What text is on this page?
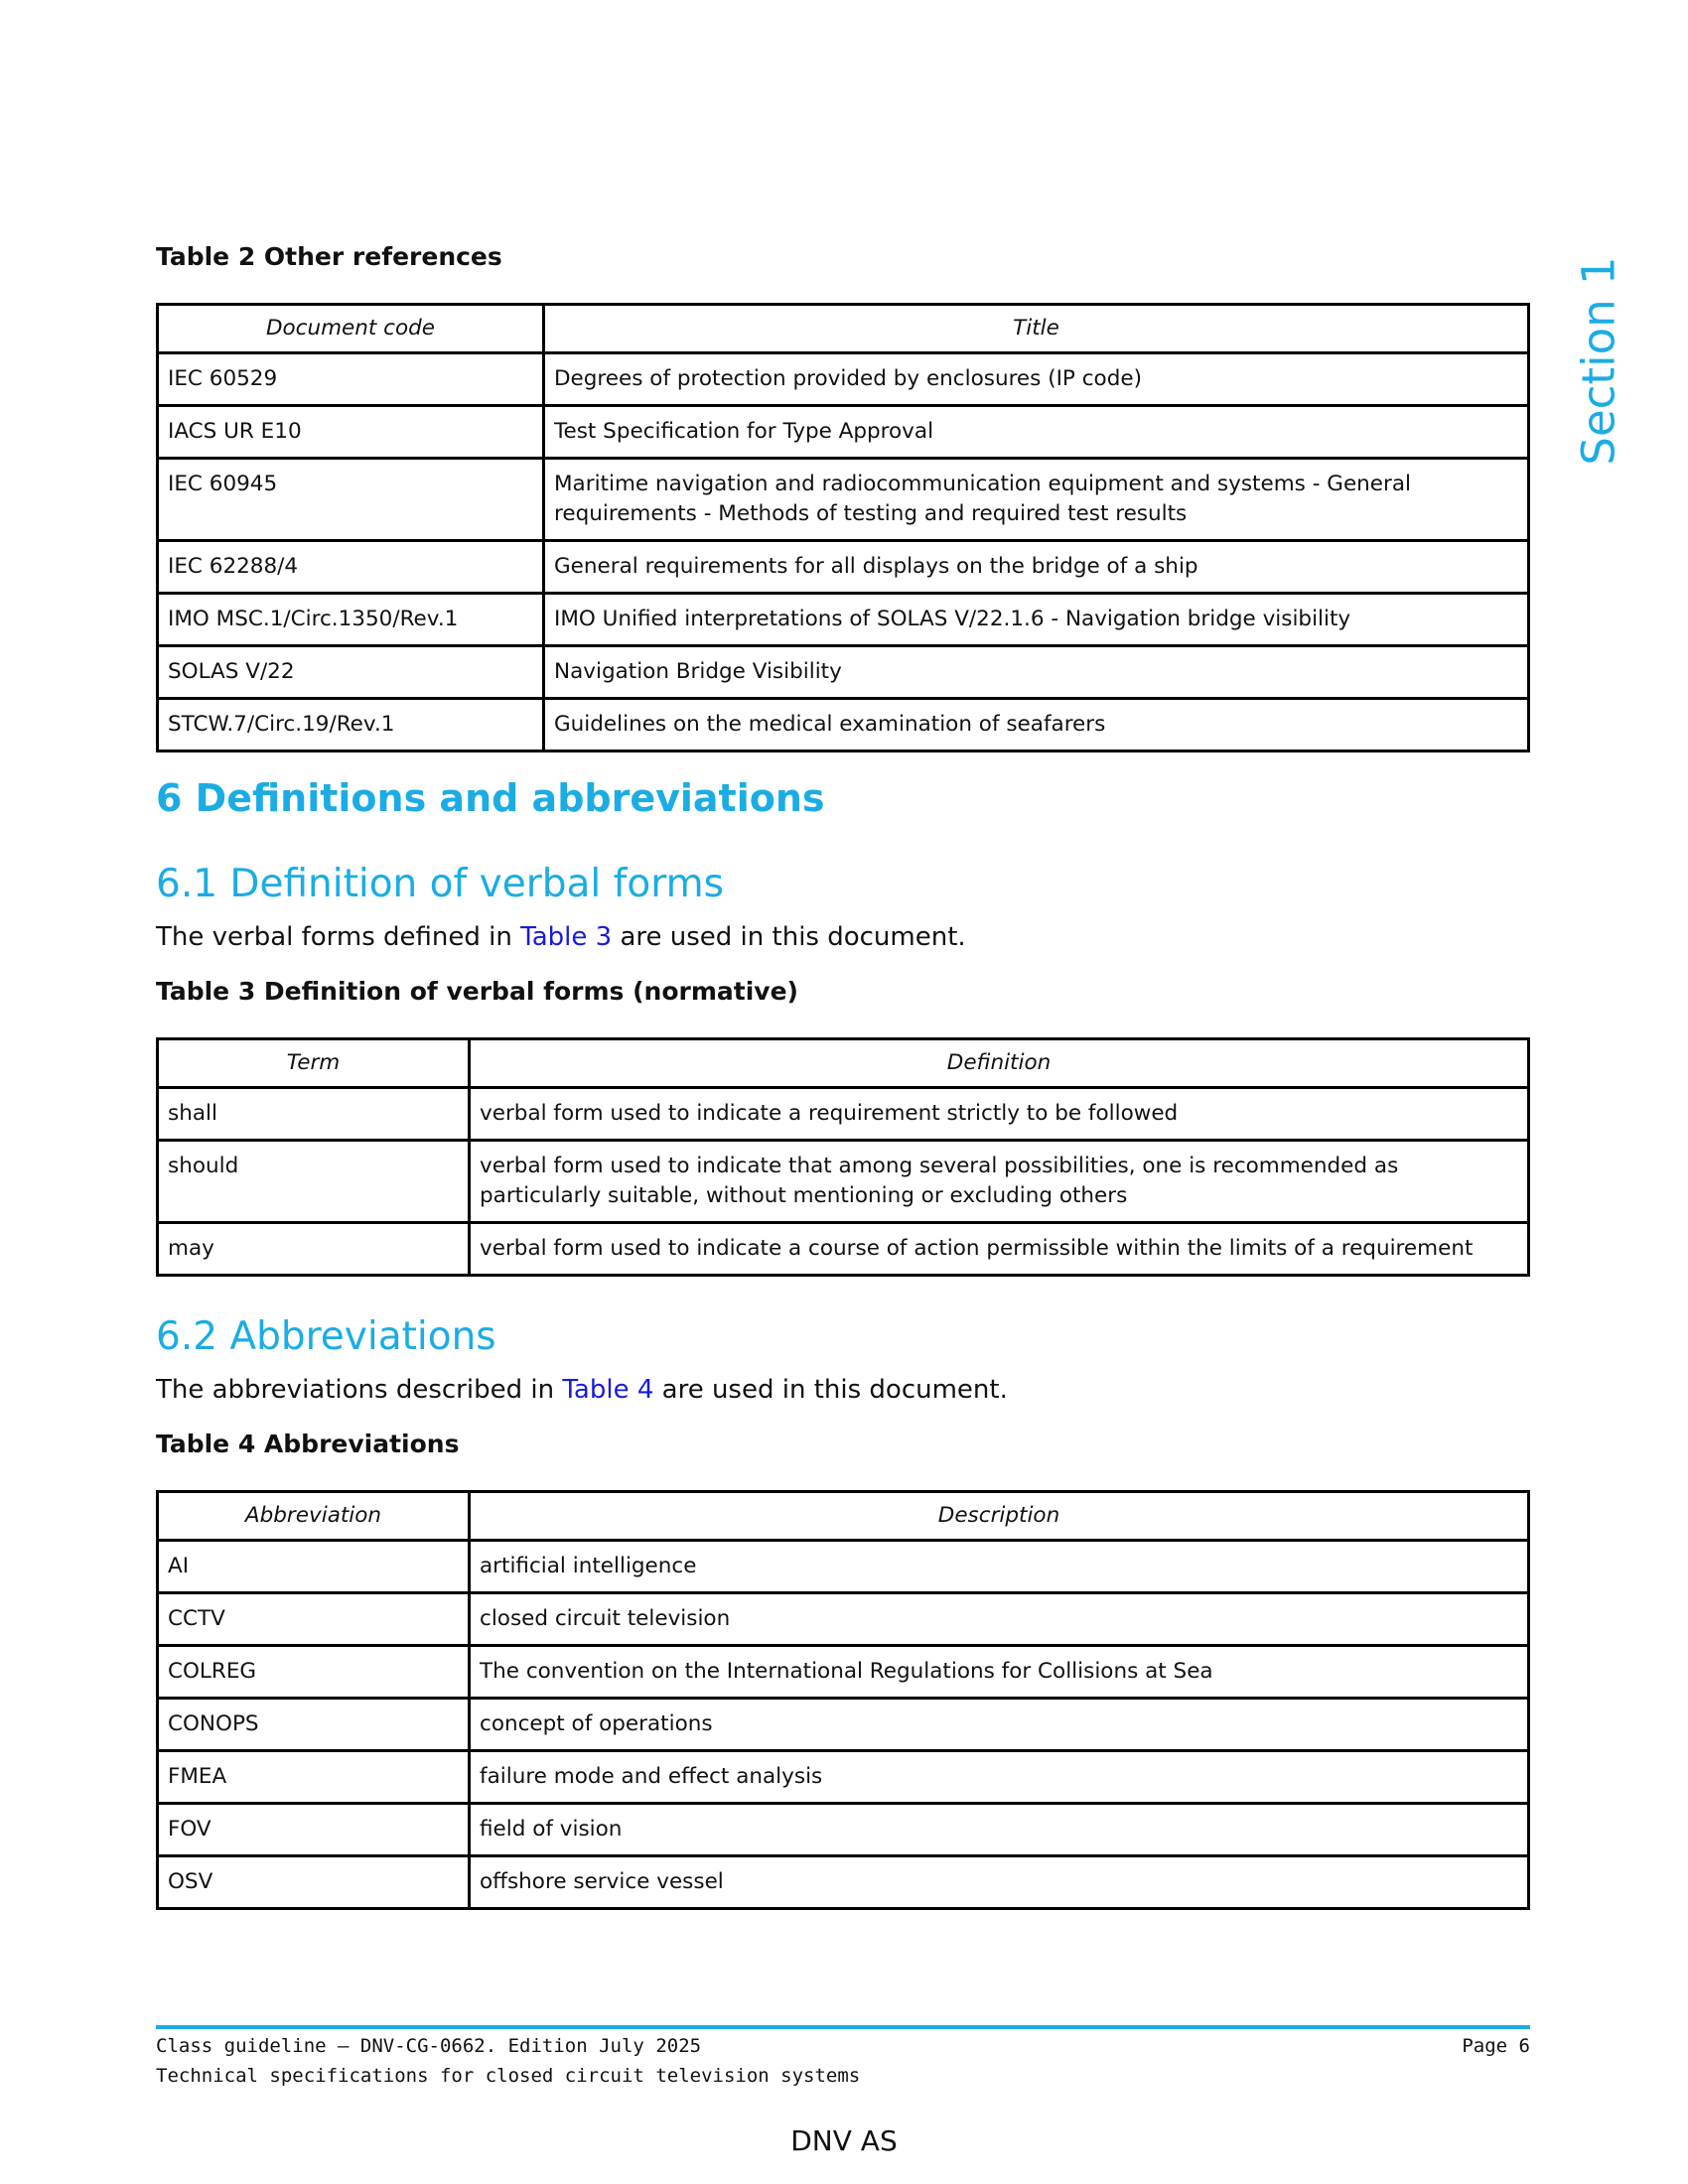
Section 1

Table 2 Other references

Document code	Title
IEC 60529	Degrees of protection provided by enclosures (IP code)
IACS UR E10	Test Specification for Type Approval
IEC 60945	Maritime navigation and radiocommunication equipment and systems - General requirements - Methods of testing and required test results
IEC 62288/4	General requirements for all displays on the bridge of a ship
IMO MSC.1/Circ.1350/Rev.1	IMO Unified interpretations of SOLAS V/22.1.6 - Navigation bridge visibility
SOLAS V/22	Navigation Bridge Visibility
STCW.7/Circ.19/Rev.1	Guidelines on the medical examination of seafarers
6 Definitions and abbreviations
6.1 Definition of verbal forms

The verbal forms defined in Table 3 are used in this document.

Table 3 Definition of verbal forms (normative)

Term	Definition
shall	verbal form used to indicate a requirement strictly to be followed
should	verbal form used to indicate that among several possibilities, one is recommended as particularly suitable, without mentioning or excluding others
may	verbal form used to indicate a course of action permissible within the limits of a requirement
6.2 Abbreviations

The abbreviations described in Table 4 are used in this document.

Table 4 Abbreviations

Abbreviation	Description
AI	artificial intelligence
CCTV	closed circuit television
COLREG	The convention on the International Regulations for Collisions at Sea
CONOPS	concept of operations
FMEA	failure mode and effect analysis
FOV	field of vision
OSV	offshore service vessel
Class guideline — DNV-CG-0662. Edition July 2025
Technical specifications for closed circuit television systems
Page 6
DNV AS
